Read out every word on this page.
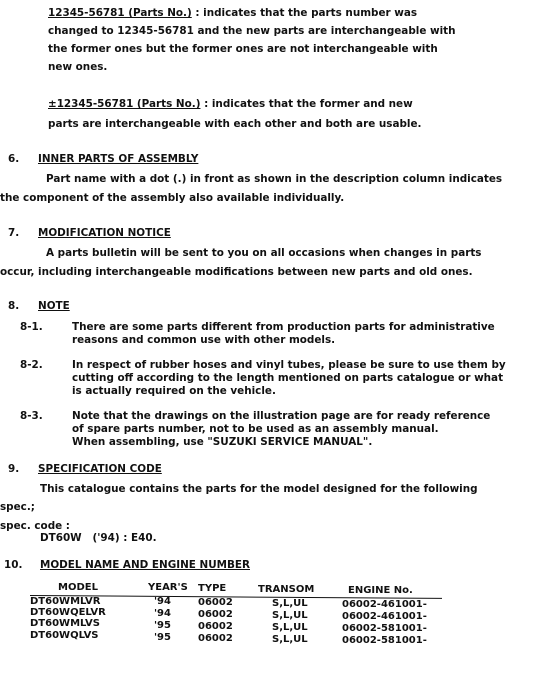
12345-56781 (Parts No.) : indicates that the parts number was
changed to 12345-56781 and the new parts are interchangeable with
the former ones but the former ones are not interchangeable with
new ones.
±12345-56781 (Parts No.) : indicates that the former and new
parts are interchangeable with each other and both are usable.
6. INNER PARTS OF ASSEMBLY
Part name with a dot (.) in front as shown in the description column indicates
the component of the assembly also available individually.
7. MODIFICATION NOTICE
A parts bulletin will be sent to you on all occasions when changes in parts
occur, including interchangeable modifications between new parts and old ones.
8. NOTE
8-1.	There are some parts different from production parts for administrative
reasons and common use with other models.
8-2.	In respect of rubber hoses and vinyl tubes, please be sure to use them by
cutting off according to the length mentioned on parts catalogue or what
is actually required on the vehicle.
8-3.	Note that the drawings on the illustration page are for ready reference
of spare parts number, not to be used as an assembly manual.
When assembling, use "SUZUKI SERVICE MANUAL".
9. SPECIFICATION CODE
This catalogue contains the parts for the model designed for the following
spec.;
spec. code :
DT60W   ('94) : E40.
10. MODEL NAME AND ENGINE NUMBER
MODEL	YEAR'S TYPE	TRANSOM	ENGINE No.
DT60WMLVR	'94	06002	S,L,UL	06002-461001-
DT60WQELVR	'94	06002	S,L,UL	06002-461001-
DT60WMLVS	'95	06002	S,L,UL	06002-581001-
DT60WQLVS	'95	06002	S,L,UL	06002-581001-
